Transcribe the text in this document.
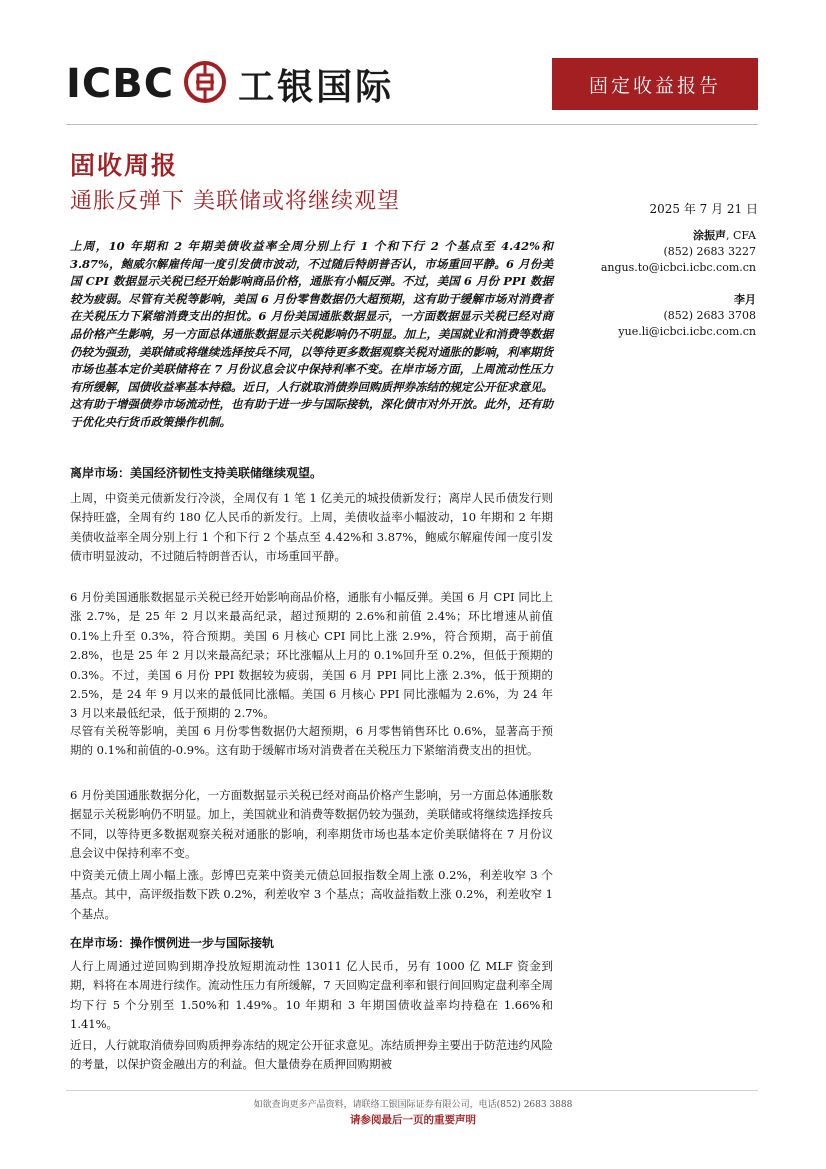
ICBC 工银国际	固定收益报告
固收周报
通胀反弹下 美联储或将继续观望	2025 年 7 月 21 日
涂振声, CFA
(852) 2683 3227
angus.to@icbci.icbc.com.cn
李月
(852) 2683 3708
yue.li@icbci.icbc.com.cn
上周，10 年期和 2 年期美债收益率全周分别上行 1 个和下行 2 个基点至 4.42%和 3.87%，鲍威尔解雇传闻一度引发债市波动，不过随后特朗普否认，市场重回平静。6 月份美国 CPI 数据显示关税已经开始影响商品价格，通胀有小幅反弹。不过，美国 6 月份 PPI 数据较为疲弱。尽管有关税等影响，美国 6 月份零售数据仍大超预期，这有助于缓解市场对消费者在关税压力下紧缩消费支出的担忧。6 月份美国通胀数据显示，一方面数据显示关税已经对商品价格产生影响，另一方面总体通胀数据显示关税影响仍不明显。加上，美国就业和消费等数据仍较为强劲，美联储或将继续选择按兵不同，以等待更多数据观察关税对通胀的影响，利率期货市场也基本定价美联储将在 7 月份议息会议中保持利率不变。在岸市场方面，上周流动性压力有所缓解，国债收益率基本持稳。近日，人行就取消债券回购质押券冻结的规定公开征求意见。这有助于增强债券市场流动性，也有助于进一步与国际接轨，深化债市对外开放。此外，还有助于优化央行货币政策操作机制。
离岸市场：美国经济韧性支持美联储继续观望。
上周，中资美元债新发行冷淡，全周仅有 1 笔 1 亿美元的城投债新发行；离岸人民币债发行则保持旺盛，全周有约 180 亿人民币的新发行。上周，美债收益率小幅波动，10 年期和 2 年期美债收益率全周分别上行 1 个和下行 2 个基点至 4.42%和 3.87%，鲍威尔解雇传闻一度引发债市明显波动，不过随后特朗普否认，市场重回平静。
6 月份美国通胀数据显示关税已经开始影响商品价格，通胀有小幅反弹。美国 6 月 CPI 同比上涨 2.7%，是 25 年 2 月以来最高纪录，超过预期的 2.6%和前值 2.4%；环比增速从前值 0.1%上升至 0.3%，符合预期。美国 6 月核心 CPI 同比上涨 2.9%，符合预期，高于前值 2.8%，也是 25 年 2 月以来最高纪录；环比涨幅从上月的 0.1%回升至 0.2%，但低于预期的 0.3%。不过，美国 6 月份 PPI 数据较为疲弱，美国 6 月 PPI 同比上涨 2.3%，低于预期的 2.5%，是 24 年 9 月以来的最低同比涨幅。美国 6 月核心 PPI 同比涨幅为 2.6%，为 24 年 3 月以来最低纪录，低于预期的 2.7%。
尽管有关税等影响，美国 6 月份零售数据仍大超预期，6 月零售销售环比 0.6%，显著高于预期的 0.1%和前值的-0.9%。这有助于缓解市场对消费者在关税压力下紧缩消费支出的担忧。
6 月份美国通胀数据分化，一方面数据显示关税已经对商品价格产生影响，另一方面总体通胀数据显示关税影响仍不明显。加上，美国就业和消费等数据仍较为强劲，美联储或将继续选择按兵不同，以等待更多数据观察关税对通胀的影响，利率期货市场也基本定价美联储将在 7 月份议息会议中保持利率不变。
中资美元债上周小幅上涨。彭博巴克莱中资美元债总回报指数全周上涨 0.2%，利差收窄 3 个基点。其中，高评级指数下跌 0.2%，利差收窄 3 个基点；高收益指数上涨 0.2%，利差收窄 1 个基点。
在岸市场：操作惯例进一步与国际接轨
人行上周通过逆回购到期净投放短期流动性 13011 亿人民币，另有 1000 亿 MLF 资金到期，料将在本周进行续作。流动性压力有所缓解，7 天回购定盘利率和银行间回购定盘利率全周均下行 5 个分别至 1.50%和 1.49%。10 年期和 3 年期国债收益率均持稳在 1.66%和 1.41%。
近日，人行就取消债券回购质押券冻结的规定公开征求意见。冻结质押券主要出于防范违约风险的考量，以保护资金融出方的利益。但大量债券在质押回购期被
如欲查询更多产品资料，请联络工银国际证券有限公司，电话(852) 2683 3888
请参阅最后一页的重要声明
